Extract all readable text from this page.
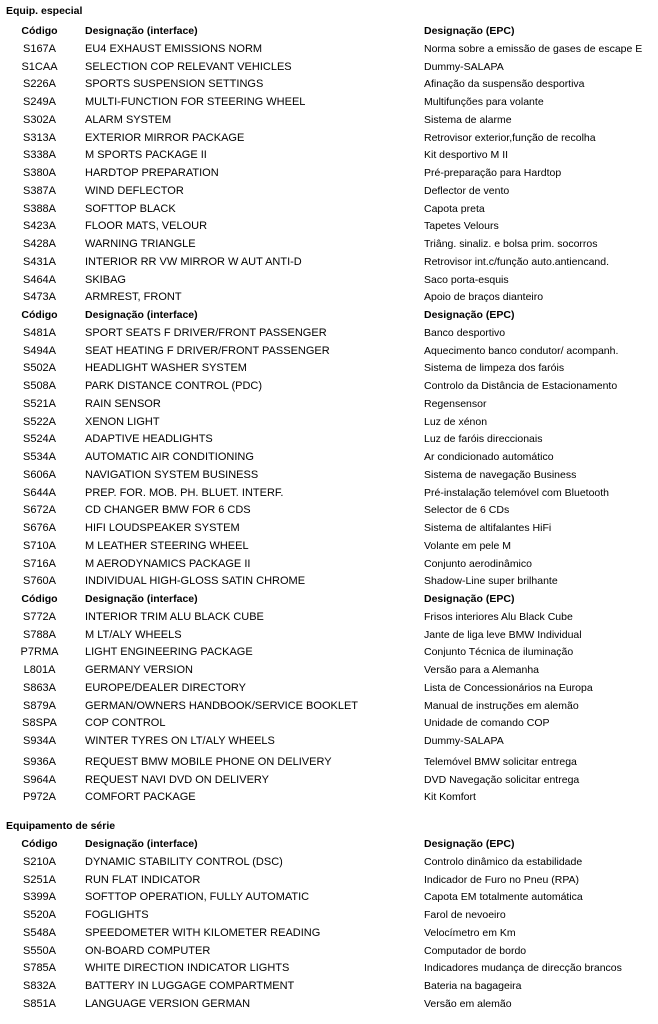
Equip. especial
Código	Designação (interface)	Designação (EPC)
S167A	EU4 EXHAUST EMISSIONS NORM	Norma sobre a emissão de gases de escape E
S1CAA	SELECTION COP RELEVANT VEHICLES	Dummy-SALAPA
S226A	SPORTS SUSPENSION SETTINGS	Afinação da suspensão desportiva
S249A	MULTI-FUNCTION FOR STEERING WHEEL	Multifunções para volante
S302A	ALARM SYSTEM	Sistema de alarme
S313A	EXTERIOR MIRROR PACKAGE	Retrovisor exterior,função de recolha
S338A	M SPORTS PACKAGE II	Kit desportivo M II
S380A	HARDTOP PREPARATION	Pré-preparação para Hardtop
S387A	WIND DEFLECTOR	Deflector de vento
S388A	SOFTTOP BLACK	Capota preta
S423A	FLOOR MATS, VELOUR	Tapetes Velours
S428A	WARNING TRIANGLE	Triâng. sinaliz. e bolsa prim. socorros
S431A	INTERIOR RR VW MIRROR W AUT ANTI-D	Retrovisor int.c/função auto.antiencand.
S464A	SKIBAG	Saco porta-esquis
S473A	ARMREST, FRONT	Apoio de braços dianteiro
Código	Designação (interface)	Designação (EPC)
S481A	SPORT SEATS F DRIVER/FRONT PASSENGER	Banco desportivo
S494A	SEAT HEATING F DRIVER/FRONT PASSENGER	Aquecimento banco condutor/ acompanh.
S502A	HEADLIGHT WASHER SYSTEM	Sistema de limpeza dos faróis
S508A	PARK DISTANCE CONTROL (PDC)	Controlo da Distância de Estacionamento
S521A	RAIN SENSOR	Regensensor
S522A	XENON LIGHT	Luz de xénon
S524A	ADAPTIVE HEADLIGHTS	Luz de faróis direccionais
S534A	AUTOMATIC AIR CONDITIONING	Ar condicionado automático
S606A	NAVIGATION SYSTEM BUSINESS	Sistema de navegação Business
S644A	PREP. FOR. MOB. PH. BLUET. INTERF.	Pré-instalação telemóvel com Bluetooth
S672A	CD CHANGER BMW FOR 6 CDS	Selector de 6 CDs
S676A	HIFI LOUDSPEAKER SYSTEM	Sistema de altifalantes HiFi
S710A	M LEATHER STEERING WHEEL	Volante em pele M
S716A	M AERODYNAMICS PACKAGE II	Conjunto aerodinâmico
S760A	INDIVIDUAL HIGH-GLOSS SATIN CHROME	Shadow-Line super brilhante
Código	Designação (interface)	Designação (EPC)
S772A	INTERIOR TRIM ALU BLACK CUBE	Frisos interiores Alu Black Cube
S788A	M LT/ALY WHEELS	Jante de liga leve BMW Individual
P7RMA	LIGHT ENGINEERING PACKAGE	Conjunto Técnica de iluminação
L801A	GERMANY VERSION	Versão para a Alemanha
S863A	EUROPE/DEALER DIRECTORY	Lista de Concessionários na Europa
S879A	GERMAN/OWNERS HANDBOOK/SERVICE BOOKLET	Manual de instruções em alemão
S8SPA	COP CONTROL	Unidade de comando COP
S934A	WINTER TYRES ON LT/ALY WHEELS	Dummy-SALAPA
S936A	REQUEST BMW MOBILE PHONE ON DELIVERY	Telemóvel BMW solicitar entrega
S964A	REQUEST NAVI DVD ON DELIVERY	DVD Navegação solicitar entrega
P972A	COMFORT PACKAGE	Kit Komfort
Equipamento de série
Código	Designação (interface)	Designação (EPC)
S210A	DYNAMIC STABILITY CONTROL (DSC)	Controlo dinâmico da estabilidade
S251A	RUN FLAT INDICATOR	Indicador de Furo no Pneu (RPA)
S399A	SOFTTOP OPERATION, FULLY AUTOMATIC	Capota EM totalmente automática
S520A	FOGLIGHTS	Farol de nevoeiro
S548A	SPEEDOMETER WITH KILOMETER READING	Velocímetro em Km
S550A	ON-BOARD COMPUTER	Computador de bordo
S785A	WHITE DIRECTION INDICATOR LIGHTS	Indicadores mudança de direcção brancos
S832A	BATTERY IN LUGGAGE COMPARTMENT	Bateria na bagageira
S851A	LANGUAGE VERSION GERMAN	Versão em alemão
